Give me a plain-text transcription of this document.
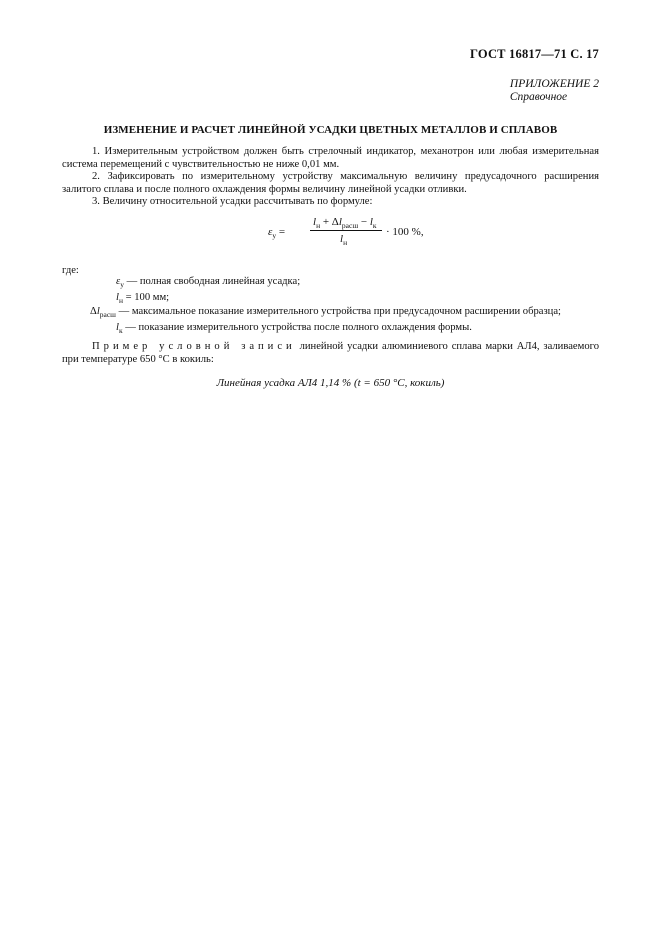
ГОСТ 16817—71 С. 17
ПРИЛОЖЕНИЕ 2
Справочное
ИЗМЕНЕНИЕ И РАСЧЕТ ЛИНЕЙНОЙ УСАДКИ ЦВЕТНЫХ МЕТАЛЛОВ И СПЛАВОВ
1. Измерительным устройством должен быть стрелочный индикатор, механотрон или любая измерительная система перемещений с чувствительностью не ниже 0,01 мм.
2. Зафиксировать по измерительному устройству максимальную величину предусадочного расширения залитого сплава и после полного охлаждения формы величину линейной усадки отливки.
3. Величину относительной усадки рассчитывать по формуле:
$\varepsilon_у$ =
$l_н + \Delta l_{расш} - l_к$
$l_н$
· 100 %,
где:
$\varepsilon_у$ — полная свободная линейная усадка;
$l_н = 100$ мм;
$\Delta l_{расш}$ — максимальное показание измерительного устройства при предусадочном расширении образца;
$l_к$ — показание измерительного устройства после полного охлаждения формы.
Пример условной записи линейной усадки алюминиевого сплава марки АЛ4, заливаемого при температуре 650 °С в кокиль:
Линейная усадка АЛ4 1,14 % (t = 650 °С, кокиль)
